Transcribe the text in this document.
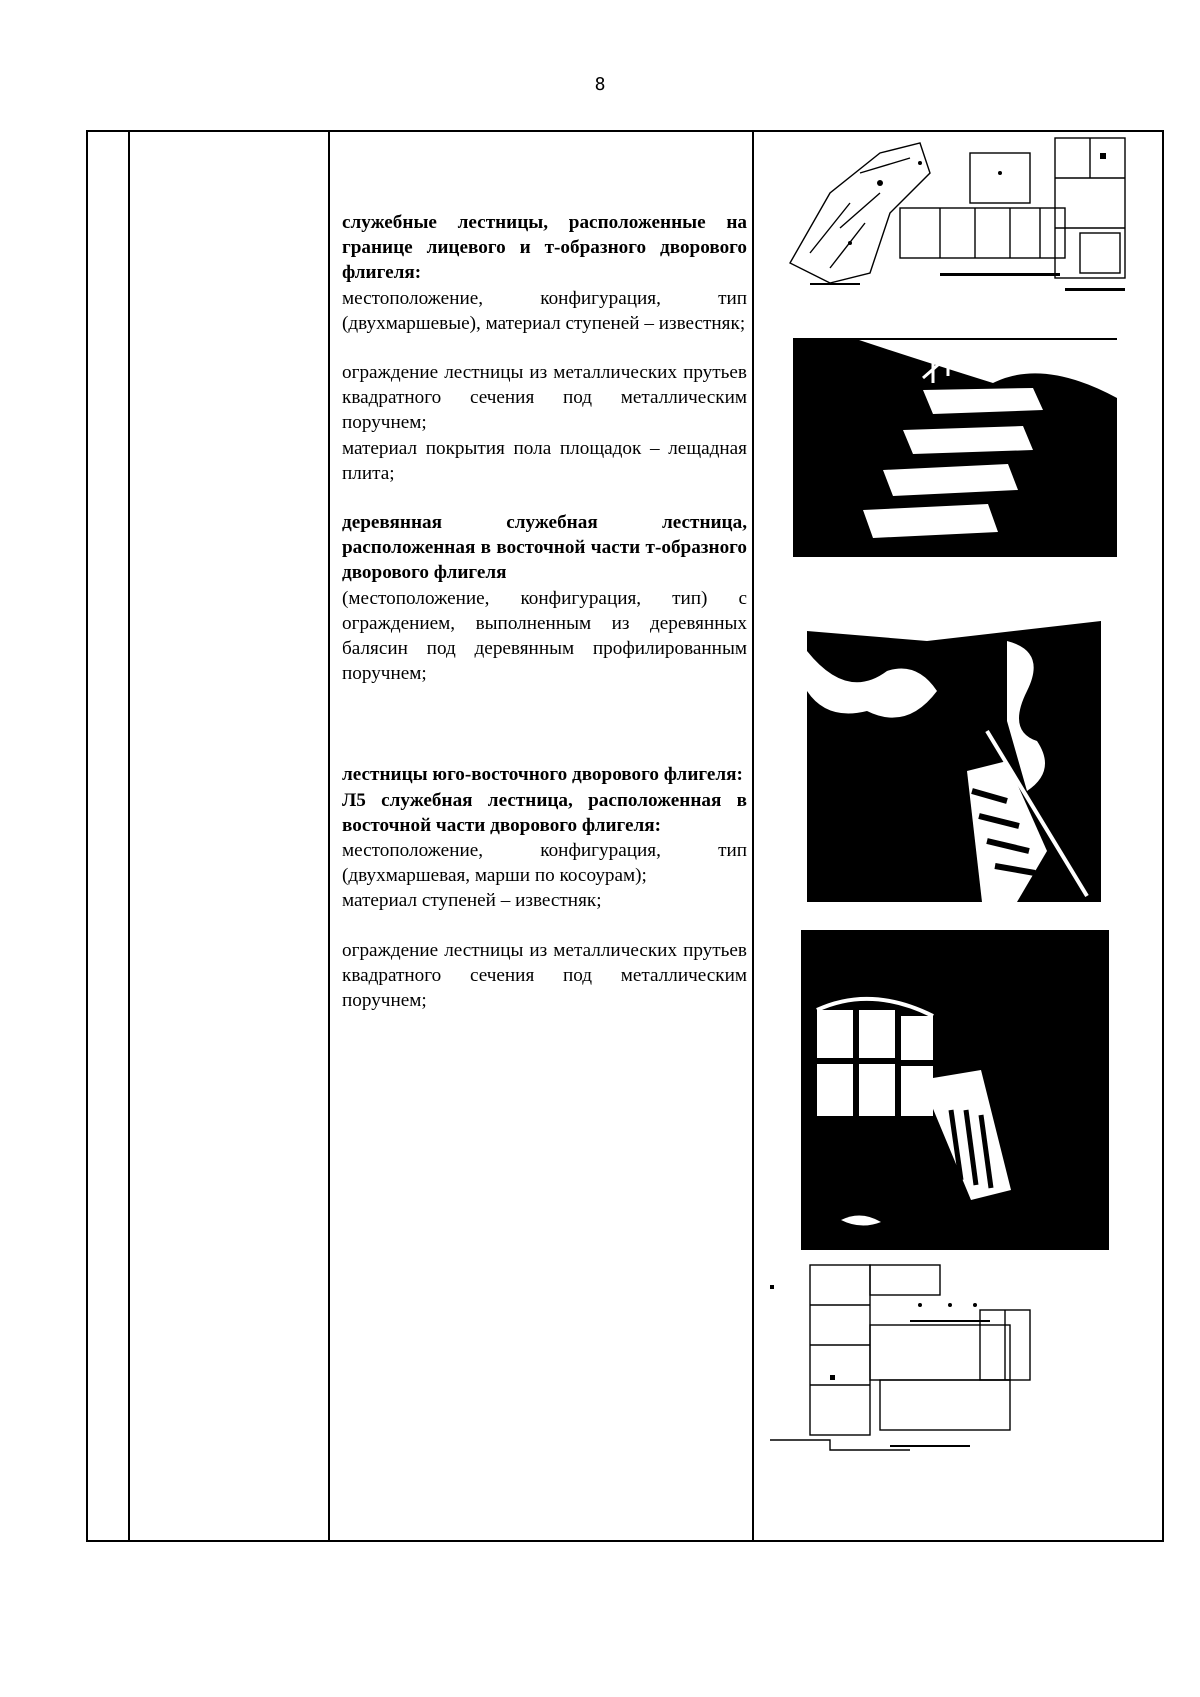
8

служебные лестницы, расположенные на границе лицевого и т-образного дворового флигеля:

местоположение, конфигурация, тип (двухмаршевые), материал ступеней – известняк;

ограждение лестницы из металлических прутьев квадратного сечения под металлическим поручнем;

материал покрытия пола площадок – лещадная плита;

деревянная служебная лестница, расположенная в восточной части т-образного дворового флигеля

(местоположение, конфигурация, тип) с ограждением, выполненным из деревянных балясин под деревянным профилированным поручнем;

лестницы юго-восточного дворового флигеля:

Л5 служебная лестница, расположенная в восточной части дворового флигеля:

местоположение, конфигурация, тип (двухмаршевая, марши по косоурам);

материал ступеней – известняк;

ограждение лестницы из металлических прутьев квадратного сечения под металлическим поручнем;
